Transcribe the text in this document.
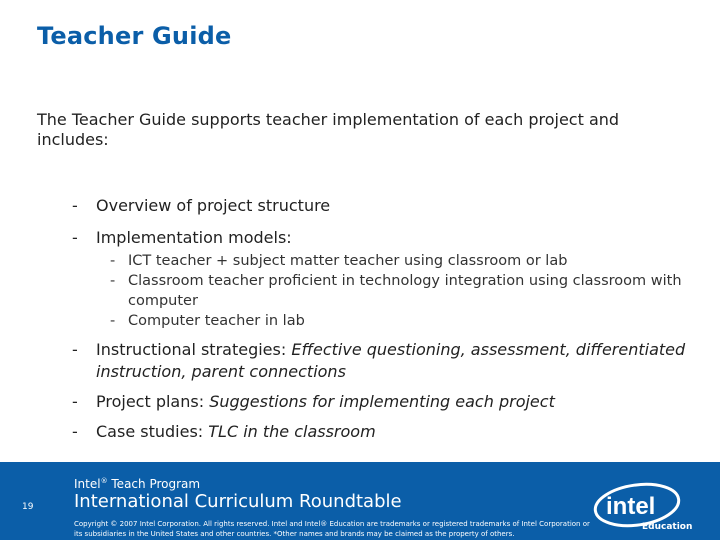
Teacher Guide
The Teacher Guide supports teacher implementation of each project and includes:
- Overview of project structure
- Implementation models:
- ICT teacher + subject matter teacher using classroom or lab
- Classroom teacher proficient in technology integration using classroom with computer
- Computer teacher in lab
- Instructional strategies: Effective questioning, assessment, differentiated instruction, parent connections
- Project plans: Suggestions for implementing each project
- Case studies: TLC in the classroom
19
Intel® Teach Program
International Curriculum Roundtable
Copyright © 2007 Intel Corporation. All rights reserved. Intel and Intel® Education are trademarks or registered trademarks of Intel Corporation or its subsidiaries in the United States and other countries. *Other names and brands may be claimed as the property of others.
intel
Education
